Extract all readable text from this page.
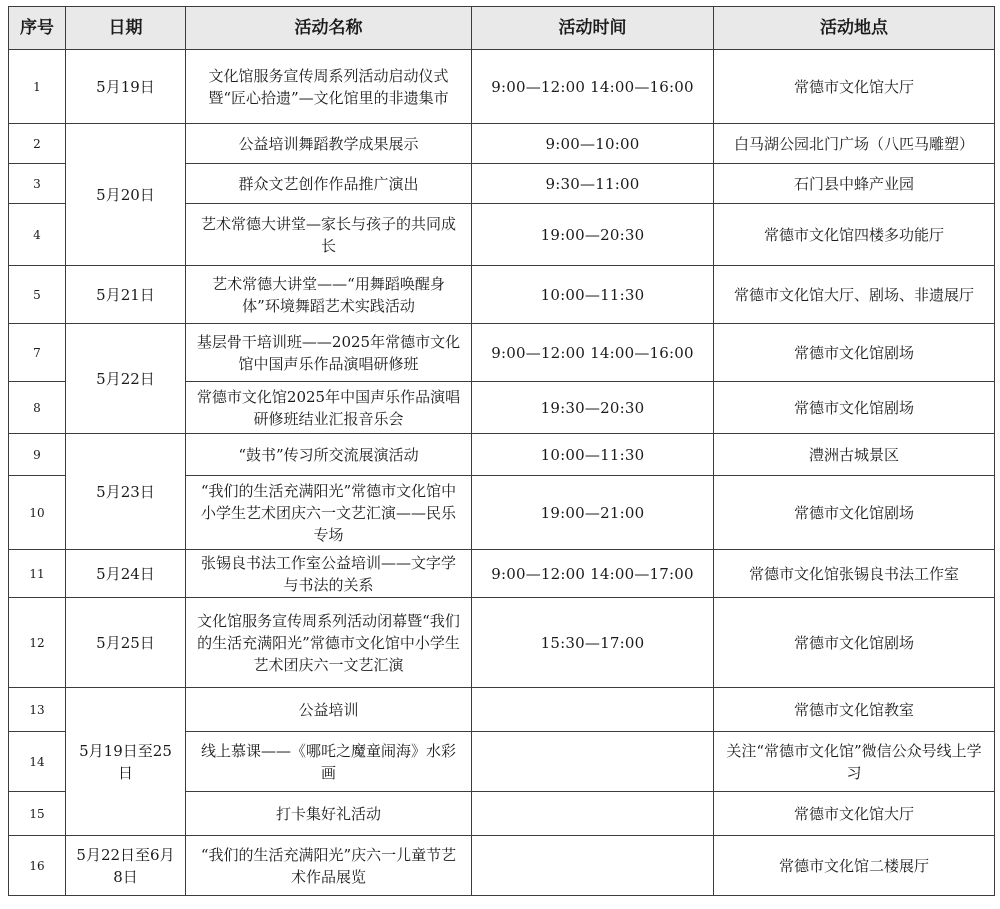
序号	日期	活动名称	活动时间	活动地点
1	5月19日	文化馆服务宣传周系列活动启动仪式暨“匠心拾遗”—文化馆里的非遗集市	9:00—12:00 14:00—16:00	常德市文化馆大厅
2	5月20日	公益培训舞蹈教学成果展示	9:00—10:00	白马湖公园北门广场（八匹马雕塑）
3		群众文艺创作作品推广演出	9:30—11:00	石门县中蜂产业园
4		艺术常德大讲堂—家长与孩子的共同成长	19:00—20:30	常德市文化馆四楼多功能厅
5	5月21日	艺术常德大讲堂——“用舞蹈唤醒身体”环境舞蹈艺术实践活动	10:00—11:30	常德市文化馆大厅、剧场、非遗展厅
7	5月22日	基层骨干培训班——2025年常德市文化馆中国声乐作品演唱研修班	9:00—12:00 14:00—16:00	常德市文化馆剧场
8		常德市文化馆2025年中国声乐作品演唱研修班结业汇报音乐会	19:30—20:30	常德市文化馆剧场
9	5月23日	“鼓书”传习所交流展演活动	10:00—11:30	澧洲古城景区
10		“我们的生活充满阳光”常德市文化馆中小学生艺术团庆六一文艺汇演——民乐专场	19:00—21:00	常德市文化馆剧场
11	5月24日	张锡良书法工作室公益培训——文字学与书法的关系	9:00—12:00 14:00—17:00	常德市文化馆张锡良书法工作室
12	5月25日	文化馆服务宣传周系列活动闭幕暨“我们的生活充满阳光”常德市文化馆中小学生艺术团庆六一文艺汇演	15:30—17:00	常德市文化馆剧场
13	5月19日至25日	公益培训		常德市文化馆教室
14		线上慕课——《哪吒之魔童闹海》水彩画		关注“常德市文化馆”微信公众号线上学习
15		打卡集好礼活动		常德市文化馆大厅
16	5月22日至6月8日	“我们的生活充满阳光”庆六一儿童节艺术作品展览		常德市文化馆二楼展厅
